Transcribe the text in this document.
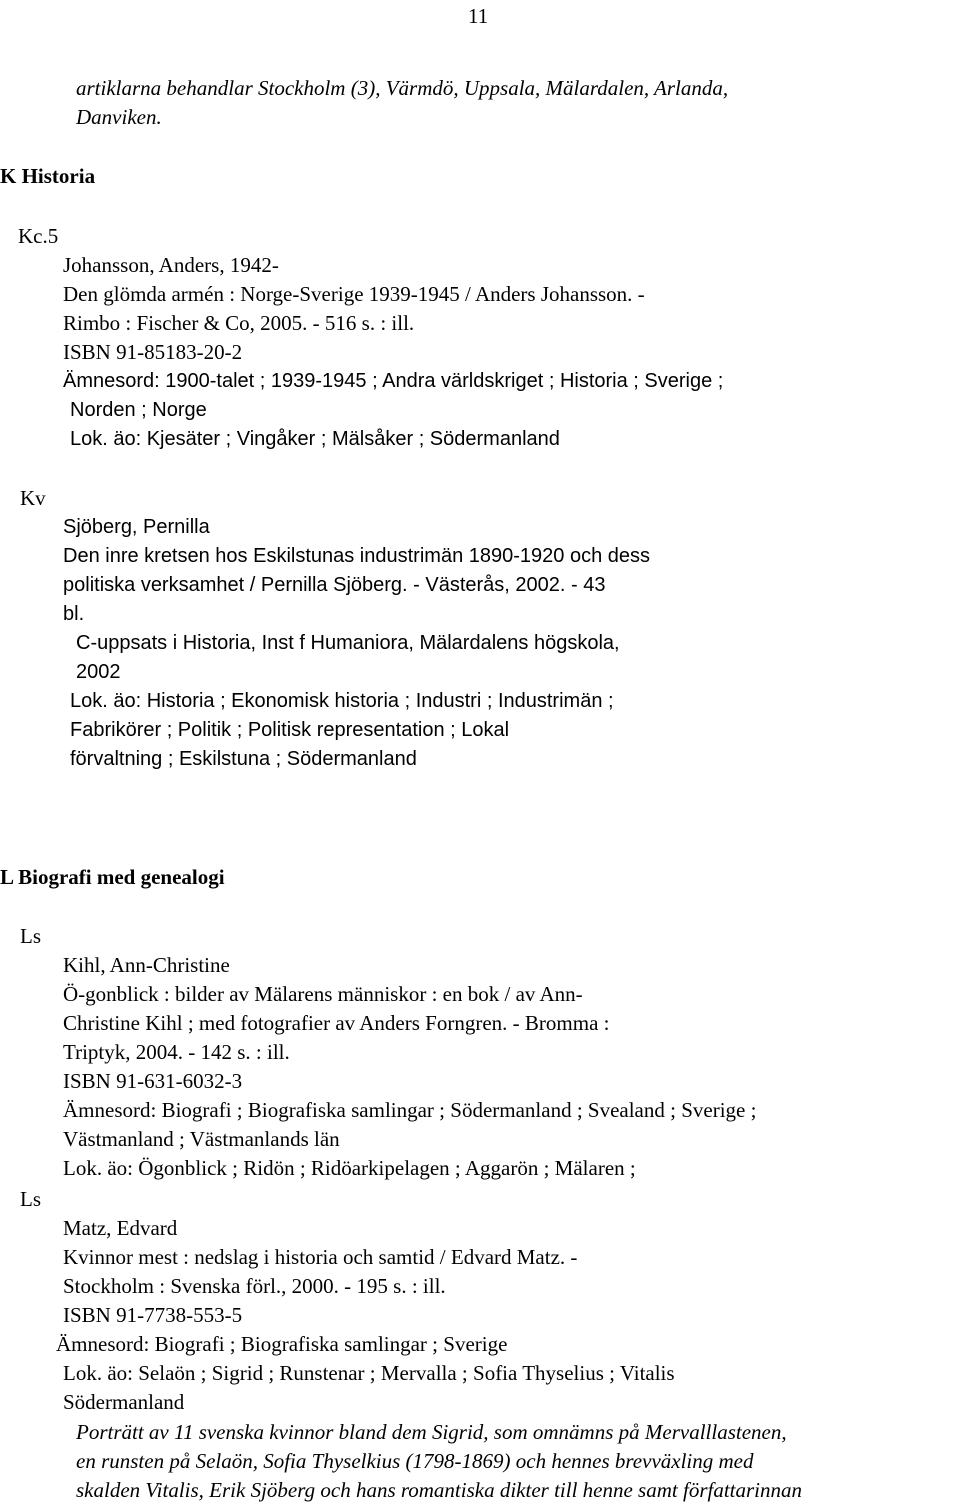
11
artiklarna behandlar Stockholm (3), Värmdö, Uppsala, Mälardalen, Arlanda,
Danviken.
K Historia
Kc.5
Johansson, Anders, 1942-
Den glömda armén : Norge-Sverige 1939-1945 / Anders Johansson. -
Rimbo : Fischer & Co, 2005. - 516 s. : ill.
ISBN 91-85183-20-2
Ämnesord: 1900-talet ; 1939-1945 ; Andra världskriget ; Historia ; Sverige ;
Norden ; Norge
Lok. äo: Kjesäter ; Vingåker ; Mälsåker ; Södermanland
Kv
Sjöberg, Pernilla
Den inre kretsen hos Eskilstunas industrimän 1890-1920 och dess
politiska verksamhet / Pernilla Sjöberg. - Västerås, 2002. - 43
bl.
C-uppsats i Historia, Inst f Humaniora, Mälardalens högskola,
2002
Lok. äo: Historia ; Ekonomisk historia ; Industri ; Industrimän ;
Fabrikörer ; Politik ; Politisk representation ; Lokal
förvaltning ; Eskilstuna ; Södermanland
L Biografi med genealogi
Ls
Kihl, Ann-Christine
Ö-gonblick : bilder av Mälarens människor : en bok / av Ann-
Christine Kihl ; med fotografier av Anders Forngren. - Bromma :
Triptyk, 2004. - 142 s. : ill.
ISBN 91-631-6032-3
Ämnesord: Biografi ; Biografiska samlingar ; Södermanland ; Svealand ; Sverige ;
Västmanland ; Västmanlands län
Lok. äo: Ögonblick ; Ridön ; Ridöarkipelagen ; Aggarön ; Mälaren ;
Ls
Matz, Edvard
Kvinnor mest : nedslag i historia och samtid / Edvard Matz. -
Stockholm : Svenska förl., 2000. - 195 s. : ill.
ISBN 91-7738-553-5
Ämnesord: Biografi ; Biografiska samlingar ; Sverige
Lok. äo: Selaön ; Sigrid ; Runstenar ; Mervalla ; Sofia Thyselius ; Vitalis
Södermanland
Porträtt av 11 svenska kvinnor bland dem Sigrid, som omnämns på Mervalllastenen,
en runsten på Selaön, Sofia Thyselkius (1798-1869) och hennes brevväxling med
skalden Vitalis, Erik Sjöberg och hans romantiska dikter till henne samt författarinnan
